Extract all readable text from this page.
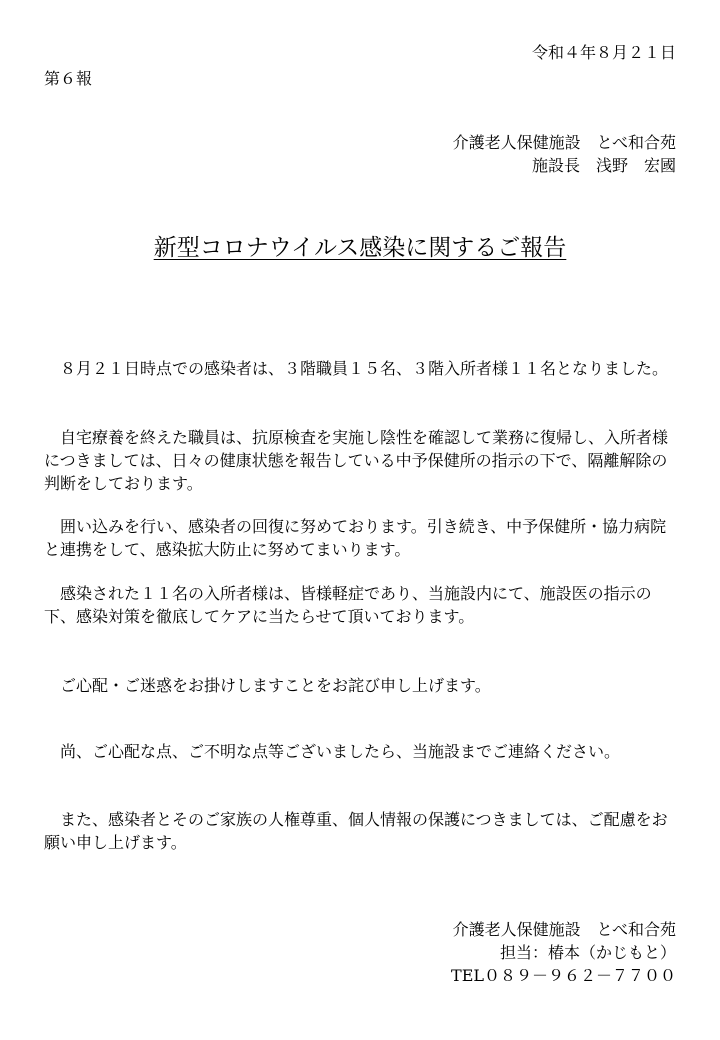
令和４年８月２１日
第６報
介護老人保健施設　とべ和合苑
施設長　浅野　宏國
新型コロナウイルス感染に関するご報告

８月２１日時点での感染者は、３階職員１５名、３階入所者様１１名となりました。

自宅療養を終えた職員は、抗原検査を実施し陰性を確認して業務に復帰し、入所者様につきましては、日々の健康状態を報告している中予保健所の指示の下で、隔離解除の判断をしております。

囲い込みを行い、感染者の回復に努めております。引き続き、中予保健所・協力病院と連携をして、感染拡大防止に努めてまいります。

感染された１１名の入所者様は、皆様軽症であり、当施設内にて、施設医の指示の下、感染対策を徹底してケアに当たらせて頂いております。

ご心配・ご迷惑をお掛けしますことをお詫び申し上げます。

尚、ご心配な点、ご不明な点等ございましたら、当施設までご連絡ください。

また、感染者とそのご家族の人権尊重、個人情報の保護につきましては、ご配慮をお願い申し上げます。

介護老人保健施設　とべ和合苑
担当：椿本（かじもと）
TEL０８９－９６２－７７００
